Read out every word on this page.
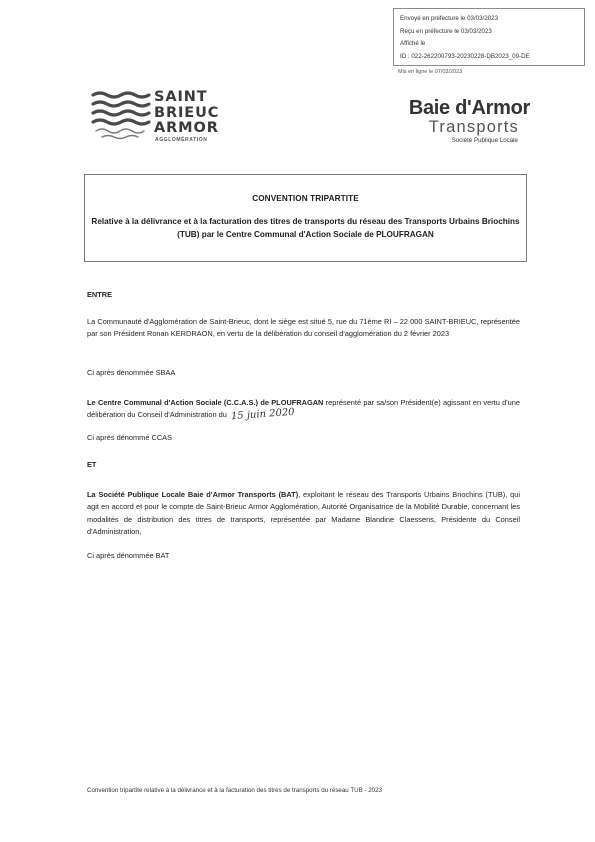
Envoyé en préfecture le 03/03/2023
Reçu en préfecture le 03/03/2023
Affiché le
ID : 022-262200793-20230228-DB2023_09-DE
Mis en ligne le 07/03/2023
SAINT
BRIEUC
ARMOR
AGGLOMÉRATION
Baie d'Armor
Transports
Société Publique Locale
CONVENTION TRIPARTITE
Relative à la délivrance et à la facturation des titres de transports du réseau des Transports Urbains Briochins (TUB) par le Centre Communal d'Action Sociale de PLOUFRAGAN
ENTRE
La Communauté d'Agglomération de Saint-Brieuc, dont le siège est situé 5, rue du 71ème RI – 22 000 SAINT-BRIEUC, représentée par son Président Ronan KERDRAON, en vertu de la délibération du conseil d'agglomération du 2 février 2023
Ci après dénommée SBAA
Le Centre Communal d'Action Sociale (C.C.A.S.) de PLOUFRAGAN représenté par sa/son Président(e) agissant en vertu d'une délibération du Conseil d'Administration du 15 juin 2020
Ci après dénommé CCAS
ET
La Société Publique Locale Baie d'Armor Transports (BAT), exploitant le réseau des Transports Urbains Briochins (TUB), qui agit en accord et pour le compte de Saint-Brieuc Armor Agglomération, Autorité Organisatrice de la Mobilité Durable, concernant les modalités de distribution des titres de transports, représentée par Madame Blandine Claessens, Présidente du Conseil d'Administration,
Ci après dénommée BAT
Convention tripartite relative à la délivrance et à la facturation des titres de transports du réseau TUB - 2023
